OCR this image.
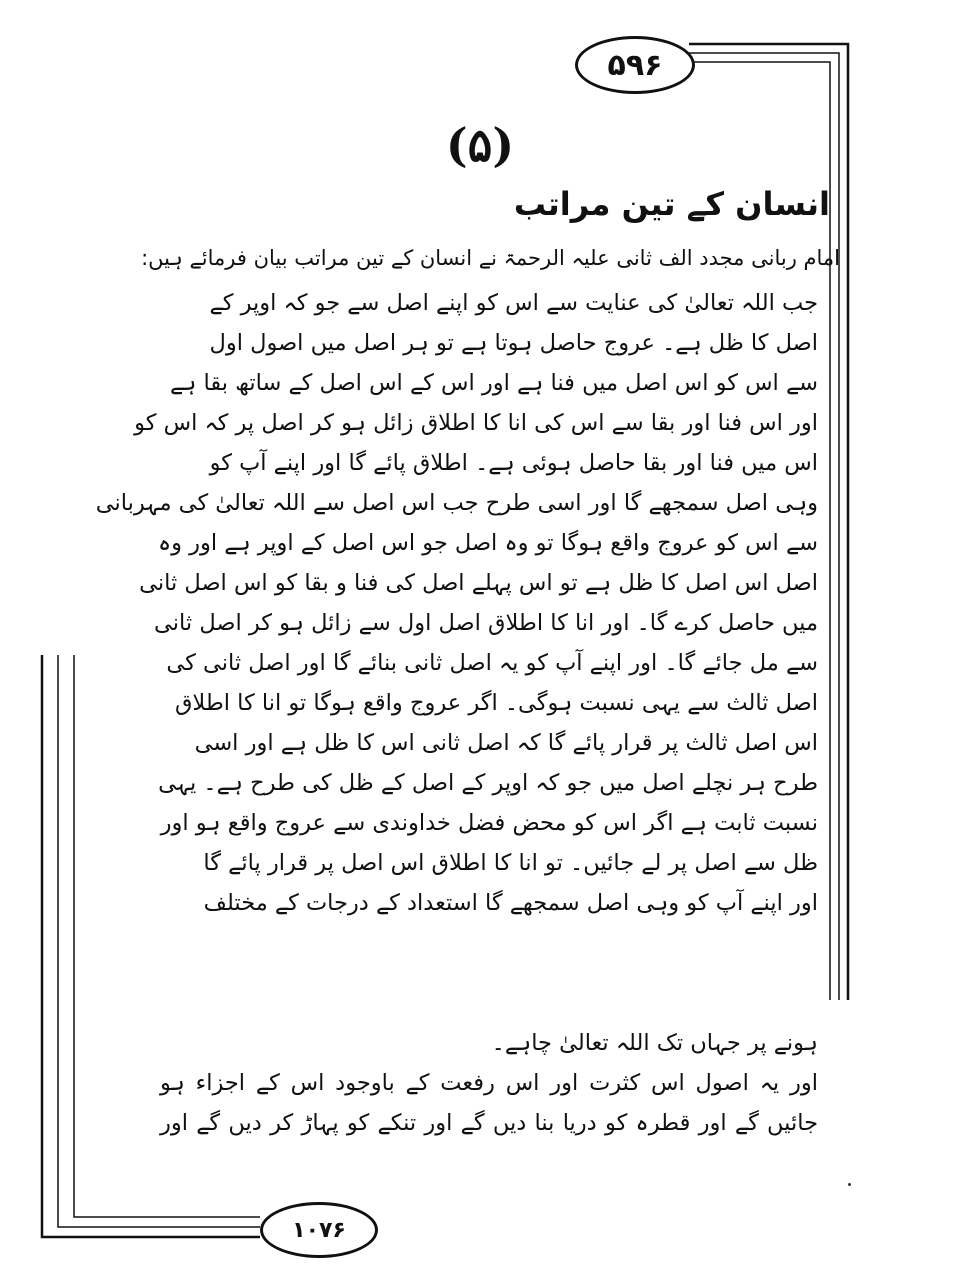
۵۹۶
۱۰۷۶
(۵)
انسان کے تین مراتب
امام ربانی مجدد الف ثانی علیہ الرحمۃ نے انسان کے تین مراتب بیان فرمائے ہیں:
جب اللہ تعالیٰ کی عنایت سے اس کو اپنے اصل سے جو کہ اوپر کے
اصل کا ظل ہے۔ عروج حاصل ہوتا ہے تو ہر اصل میں اصول اول
سے اس کو اس اصل میں فنا ہے اور اس کے اس اصل کے ساتھ بقا ہے
اور اس فنا اور بقا سے اس کی انا کا اطلاق زائل ہو کر اصل پر کہ اس کو
اس میں فنا اور بقا حاصل ہوئی ہے۔ اطلاق پائے گا اور اپنے آپ کو
وہی اصل سمجھے گا اور اسی طرح جب اس اصل سے اللہ تعالیٰ کی مہربانی
سے اس کو عروج واقع ہوگا تو وہ اصل جو اس اصل کے اوپر ہے اور وہ
اصل اس اصل کا ظل ہے تو اس پہلے اصل کی فنا و بقا کو اس اصل ثانی
میں حاصل کرے گا۔ اور انا کا اطلاق اصل اول سے زائل ہو کر اصل ثانی
سے مل جائے گا۔ اور اپنے آپ کو یہ اصل ثانی بنائے گا اور اصل ثانی کی
اصل ثالث سے یہی نسبت ہوگی۔ اگر عروج واقع ہوگا تو انا کا اطلاق
اس اصل ثالث پر قرار پائے گا کہ اصل ثانی اس کا ظل ہے اور اسی
طرح ہر نچلے اصل میں جو کہ اوپر کے اصل کے ظل کی طرح ہے۔ یہی
نسبت ثابت ہے اگر اس کو محض فضل خداوندی سے عروج واقع ہو اور
ظل سے اصل پر لے جائیں۔ تو انا کا اطلاق اس اصل پر قرار پائے گا
اور اپنے آپ کو وہی اصل سمجھے گا استعداد کے درجات کے مختلف
ہونے پر جہاں تک اللہ تعالیٰ چاہے۔
اور یہ اصول اس کثرت اور اس رفعت کے باوجود اس کے اجزاء ہو
جائیں گے اور قطرہ کو دریا بنا دیں گے اور تنکے کو پہاڑ کر دیں گے اور
